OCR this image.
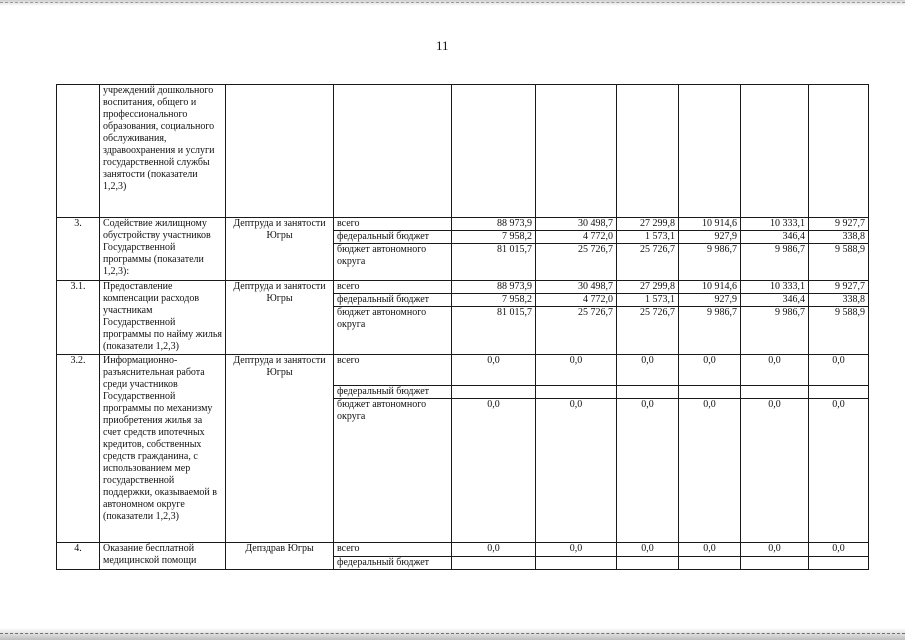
11
	учреждений дошкольного воспитания, общего и профессионального образования, социального обслуживания, здравоохранения и услуги государственной службы занятости (показатели 1,2,3)								
3.	Содействие жилищному обустройству участников Государственной программы (показатели 1,2,3):	Дептруда и занятости Югры	всего	88 973,9	30 498,7	27 299,8	10 914,6	10 333,1	9 927,7
			федеральный бюджет	7 958,2	4 772,0	1 573,1	927,9	346,4	338,8
			бюджет автономного округа	81 015,7	25 726,7	25 726,7	9 986,7	9 986,7	9 588,9
3.1.	Предоставление компенсации расходов участникам Государственной программы по найму жилья (показатели 1,2,3)	Дептруда и занятости Югры	всего	88 973,9	30 498,7	27 299,8	10 914,6	10 333,1	9 927,7
			федеральный бюджет	7 958,2	4 772,0	1 573,1	927,9	346,4	338,8
			бюджет автономного округа	81 015,7	25 726,7	25 726,7	9 986,7	9 986,7	9 588,9
3.2.	Информационно-разъяснительная работа среди участников Государственной программы по механизму приобретения жилья за счет средств ипотечных кредитов, собственных средств гражданина, с использованием мер государственной поддержки, оказываемой в автономном округе (показатели 1,2,3)	Дептруда и занятости Югры	всего	0,0	0,0	0,0	0,0	0,0	0,0
			федеральный бюджет						
			бюджет автономного округа	0,0	0,0	0,0	0,0	0,0	0,0
4.	Оказание бесплатной медицинской помощи	Депздрав Югры	всего	0,0	0,0	0,0	0,0	0,0	0,0
			федеральный бюджет						
